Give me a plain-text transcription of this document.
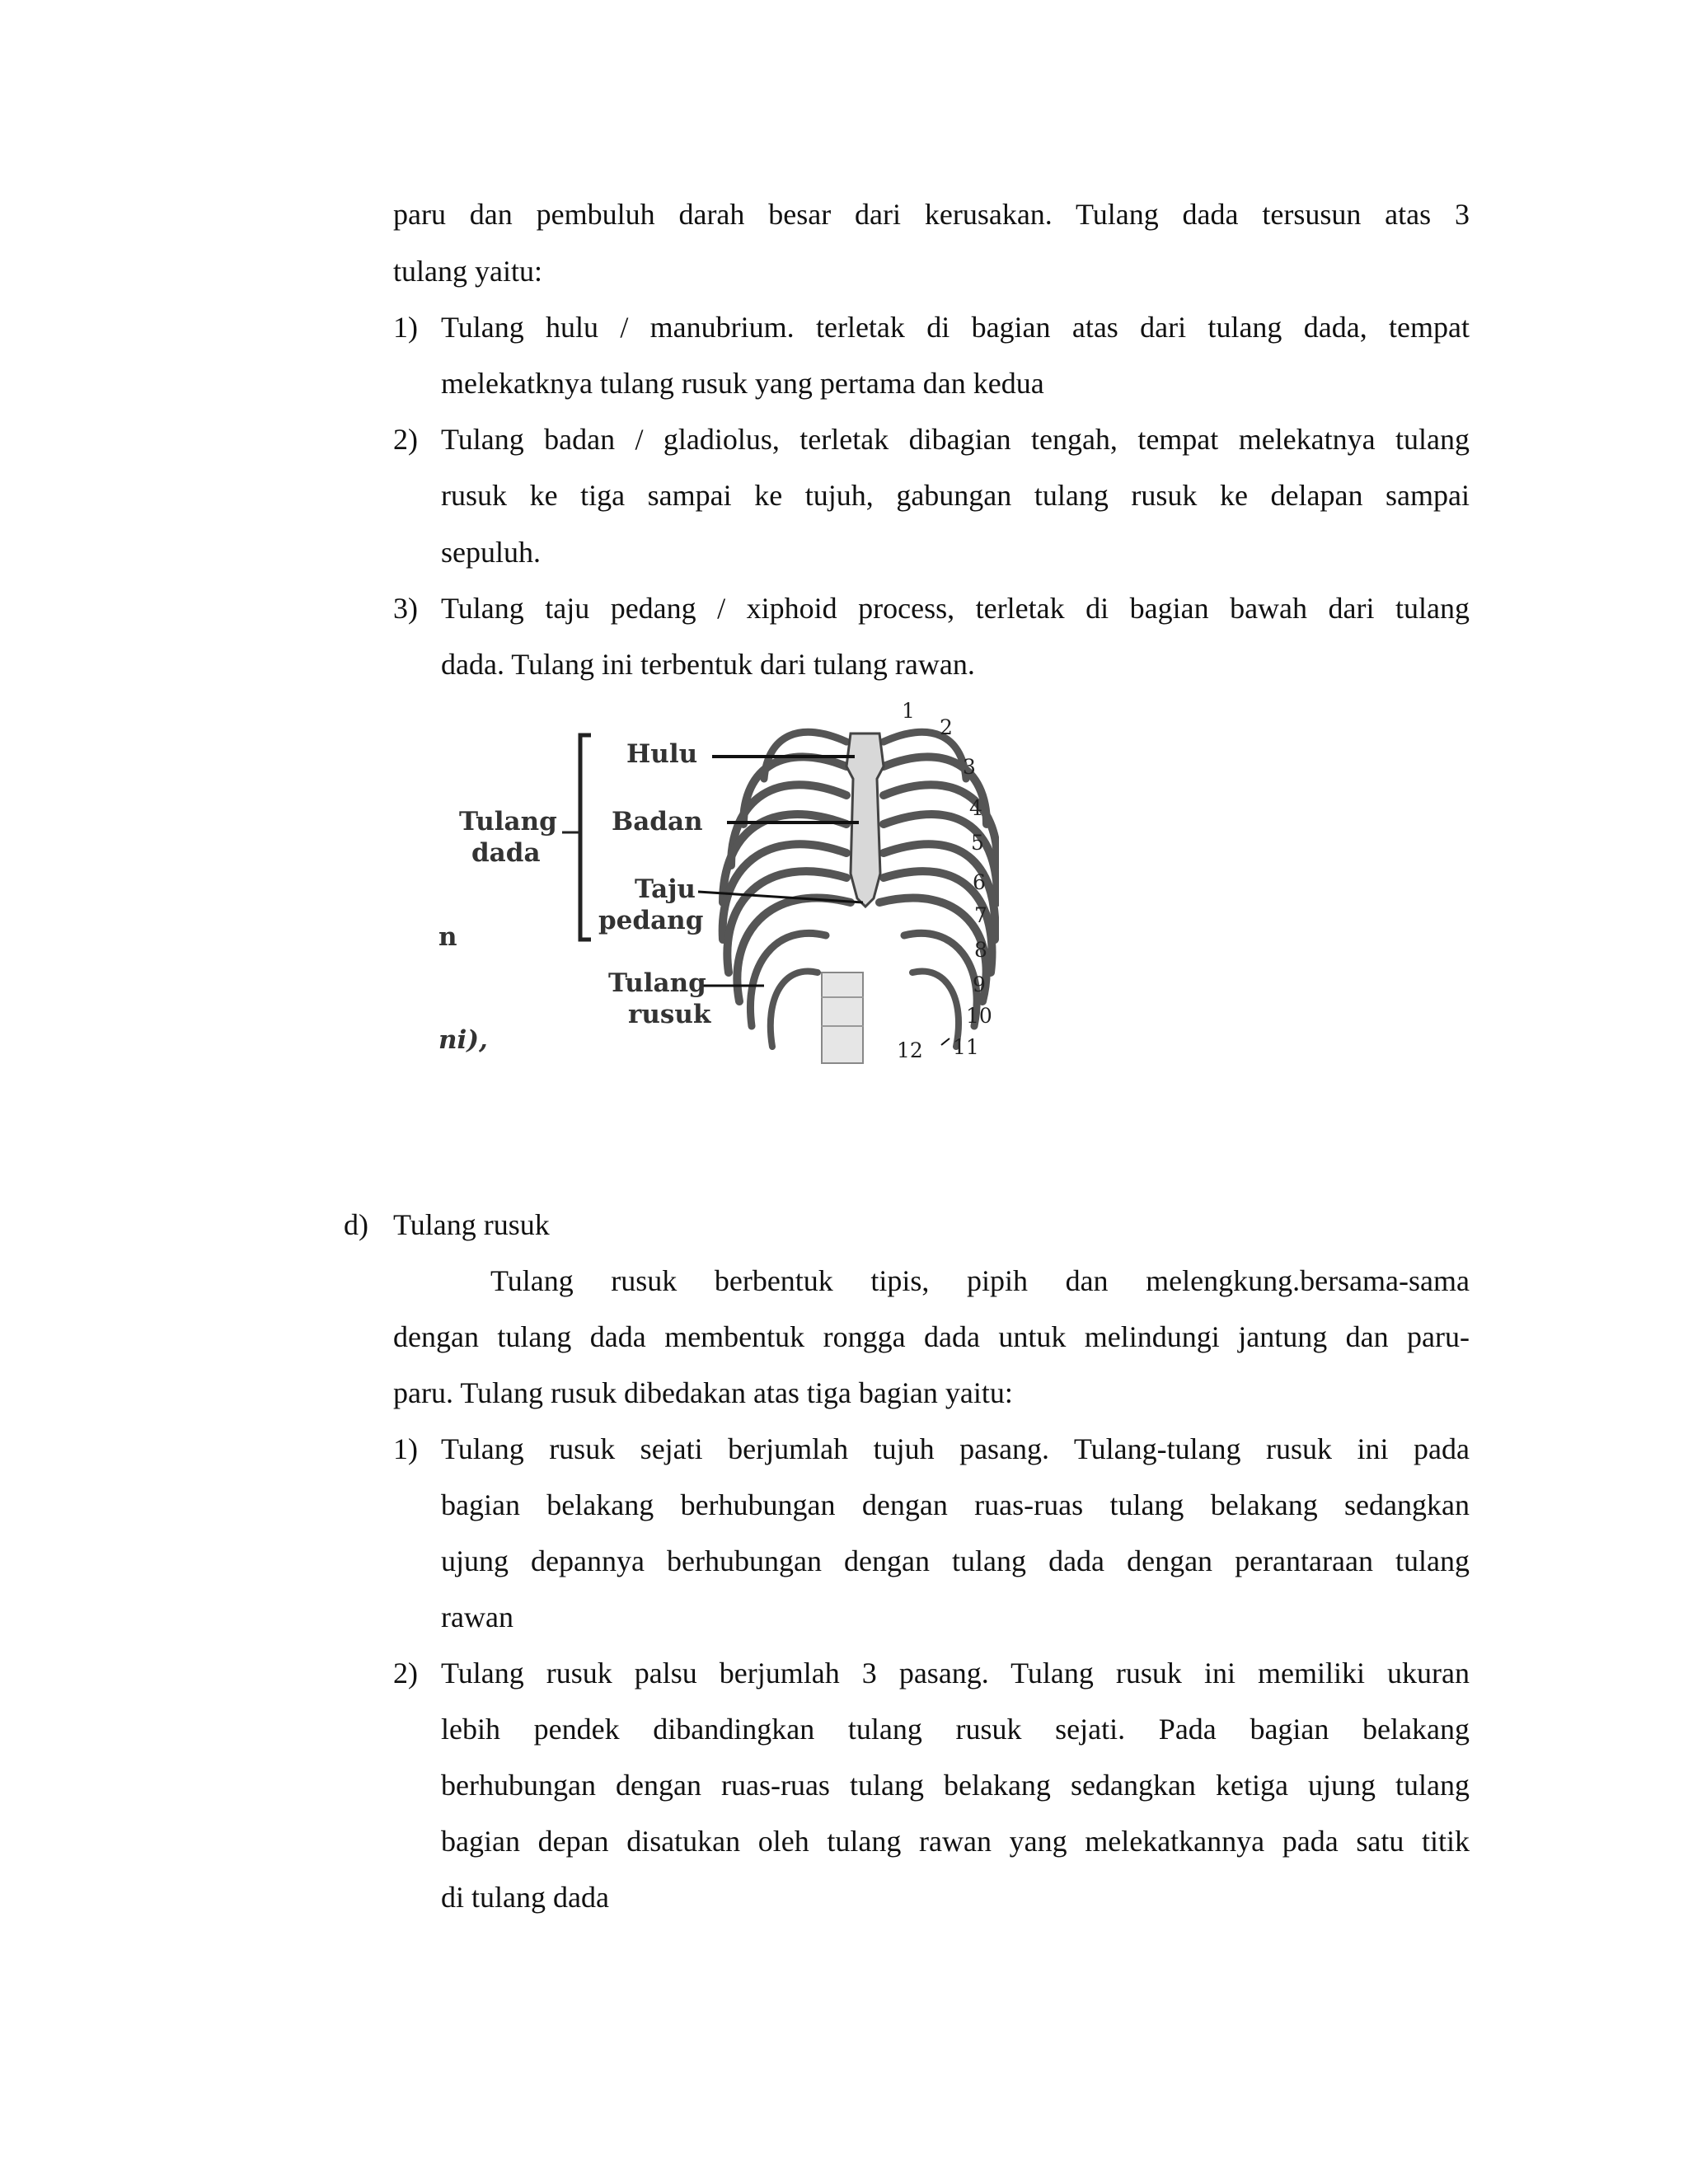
paru dan pembuluh darah besar dari kerusakan. Tulang dada tersusun atas 3
tulang yaitu:
1) Tulang hulu / manubrium. terletak di bagian atas dari tulang dada, tempat
melekatknya tulang rusuk yang pertama dan kedua
2) Tulang badan / gladiolus, terletak dibagian tengah, tempat melekatnya tulang
rusuk ke tiga sampai ke tujuh, gabungan tulang rusuk ke delapan sampai
sepuluh.
3) Tulang taju pedang / xiphoid process, terletak di bagian bawah dari tulang
dada. Tulang ini terbentuk dari tulang rawan.
n
ni),
Tulang
dada
Hulu
Badan
Taju
pedang
Tulang
rusuk
1
2
3
4
5
6
7
8
9
10
11
12
d) Tulang rusuk
Tulang rusuk berbentuk tipis, pipih dan melengkung.bersama-sama
dengan tulang dada membentuk rongga dada untuk melindungi jantung dan paru-
paru. Tulang rusuk dibedakan atas tiga bagian yaitu:
1) Tulang rusuk sejati berjumlah tujuh pasang. Tulang-tulang rusuk ini pada
bagian belakang berhubungan dengan ruas-ruas tulang belakang sedangkan
ujung depannya berhubungan dengan tulang dada dengan perantaraan tulang
rawan
2) Tulang rusuk palsu berjumlah 3 pasang. Tulang rusuk ini memiliki ukuran
lebih pendek dibandingkan tulang rusuk sejati. Pada bagian belakang
berhubungan dengan ruas-ruas tulang belakang sedangkan ketiga ujung tulang
bagian depan disatukan oleh tulang rawan yang melekatkannya pada satu titik
di tulang dada
